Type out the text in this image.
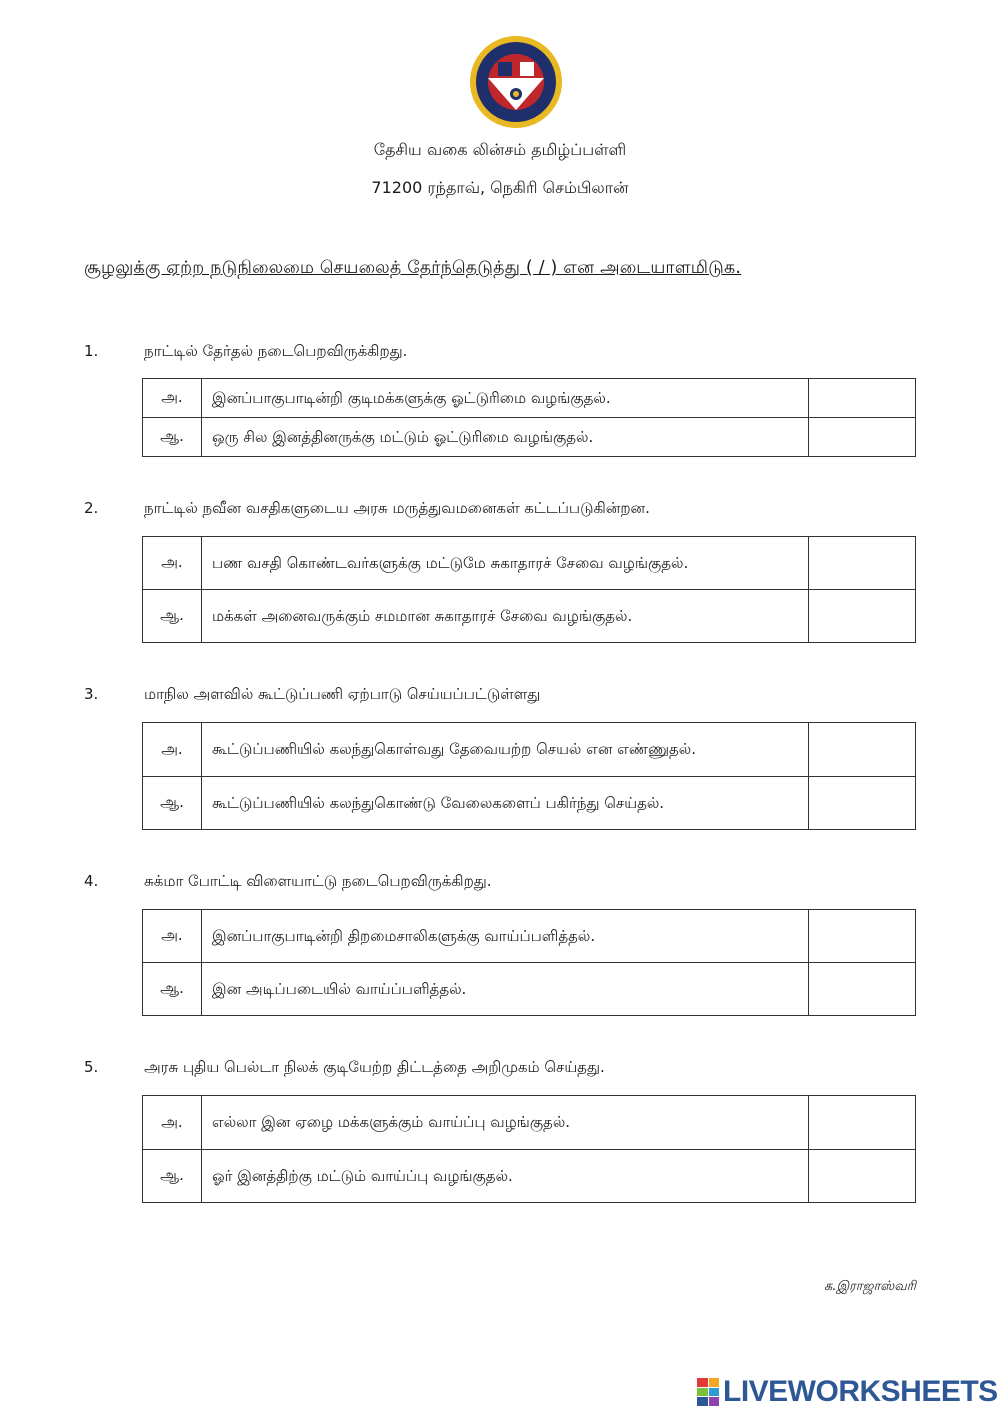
தேசிய வகை லின்சம் தமிழ்ப்பள்ளி
71200 ரந்தாவ், நெகிரி செம்பிலான்
சூழலுக்கு ஏற்ற நடுநிலைமை செயலைத் தேர்ந்தெடுத்து ( / ) என அடையாளமிடுக.
1.	நாட்டில் தேர்தல் நடைபெறவிருக்கிறது.
அ.	இனப்பாகுபாடின்றி குடிமக்களுக்கு ஓட்டுரிமை வழங்குதல்.	
ஆ.	ஒரு சில இனத்தினருக்கு மட்டும் ஓட்டுரிமை வழங்குதல்.	
2.	நாட்டில் நவீன வசதிகளுடைய அரசு மருத்துவமனைகள் கட்டப்படுகின்றன.
அ.	பண வசதி கொண்டவர்களுக்கு மட்டுமே சுகாதாரச் சேவை வழங்குதல்.	
ஆ.	மக்கள் அனைவருக்கும் சமமான சுகாதாரச் சேவை வழங்குதல்.	
3.	மாநில அளவில் கூட்டுப்பணி ஏற்பாடு செய்யப்பட்டுள்ளது
அ.	கூட்டுப்பணியில் கலந்துகொள்வது தேவையற்ற செயல் என எண்ணுதல்.	
ஆ.	கூட்டுப்பணியில் கலந்துகொண்டு வேலைகளைப் பகிர்ந்து செய்தல்.	
4.	சுக்மா போட்டி விளையாட்டு நடைபெறவிருக்கிறது.
அ.	இனப்பாகுபாடின்றி திறமைசாலிகளுக்கு வாய்ப்பளித்தல்.	
ஆ.	இன அடிப்படையில் வாய்ப்பளித்தல்.	
5.	அரசு புதிய பெல்டா நிலக் குடியேற்ற திட்டத்தை அறிமுகம் செய்தது.
அ.	எல்லா இன ஏழை மக்களுக்கும் வாய்ப்பு வழங்குதல்.	
ஆ.	ஓர் இனத்திற்கு மட்டும் வாய்ப்பு வழங்குதல்.	
க.இராஜாஸ்வரி
LIVEWORKSHEETS
